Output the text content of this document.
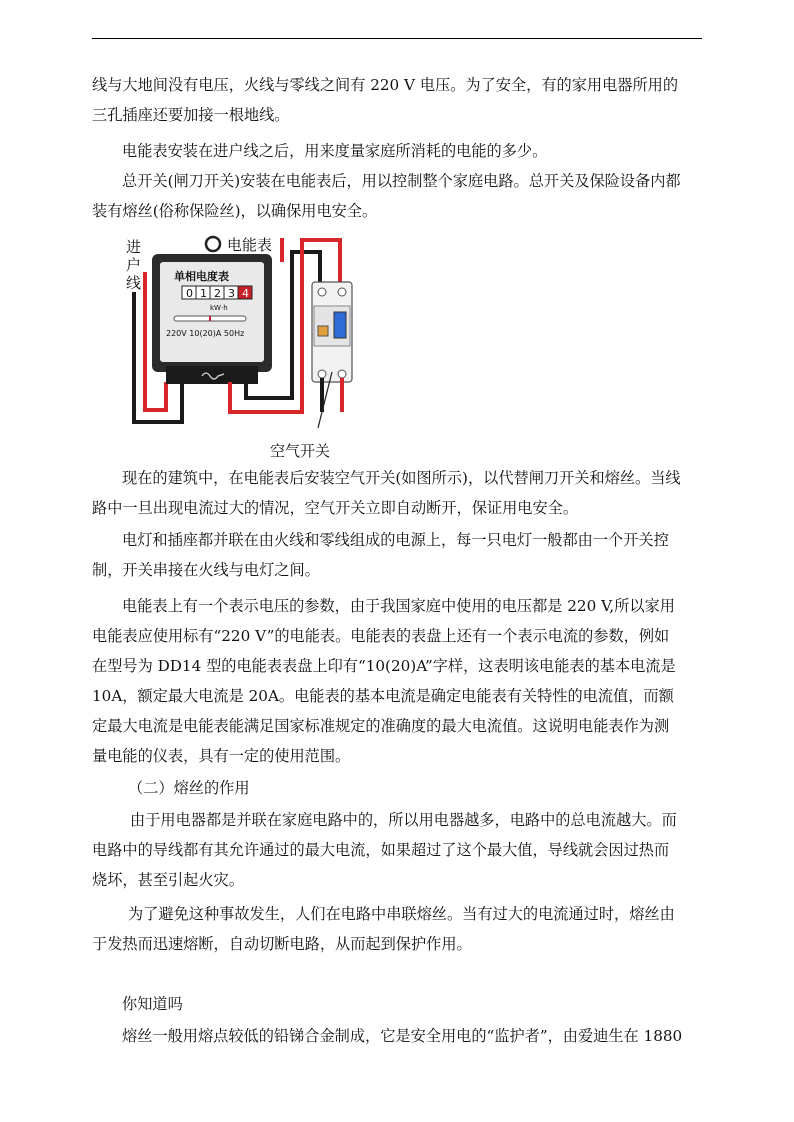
线与大地间没有电压，火线与零线之间有 220 V 电压。为了安全，有的家用电器所用的
三孔插座还要加接一根地线。
电能表安装在进户线之后，用来度量家庭所消耗的电能的多少。
总开关(闸刀开关)安装在电能表后，用以控制整个家庭电路。总开关及保险设备内都
装有熔丝(俗称保险丝)，以确保用电安全。
进
户
线
电能表
单相电度表
0 1 2 3 4
kW·h
220V 10(20)A 50Hz
空气开关
现在的建筑中，在电能表后安装空气开关(如图所示)，以代替闸刀开关和熔丝。当线
路中一旦出现电流过大的情况，空气开关立即自动断开，保证用电安全。
电灯和插座都并联在由火线和零线组成的电源上，每一只电灯一般都由一个开关控
制，开关串接在火线与电灯之间。
电能表上有一个表示电压的参数，由于我国家庭中使用的电压都是 220 V,所以家用
电能表应使用标有“220 V”的电能表。电能表的表盘上还有一个表示电流的参数，例如
在型号为 DD14 型的电能表表盘上印有“10(20)A”字样，这表明该电能表的基本电流是
10A，额定最大电流是 20A。电能表的基本电流是确定电能表有关特性的电流值，而额
定最大电流是电能表能满足国家标准规定的准确度的最大电流值。这说明电能表作为测
量电能的仪表，具有一定的使用范围。
（二）熔丝的作用
由于用电器都是并联在家庭电路中的，所以用电器越多，电路中的总电流越大。而
电路中的导线都有其允许通过的最大电流，如果超过了这个最大值，导线就会因过热而
烧坏，甚至引起火灾。
为了避免这种事故发生，人们在电路中串联熔丝。当有过大的电流通过时，熔丝由
于发热而迅速熔断，自动切断电路，从而起到保护作用。
你知道吗
熔丝一般用熔点较低的铅锑合金制成，它是安全用电的“监护者”，由爱迪生在 1880
